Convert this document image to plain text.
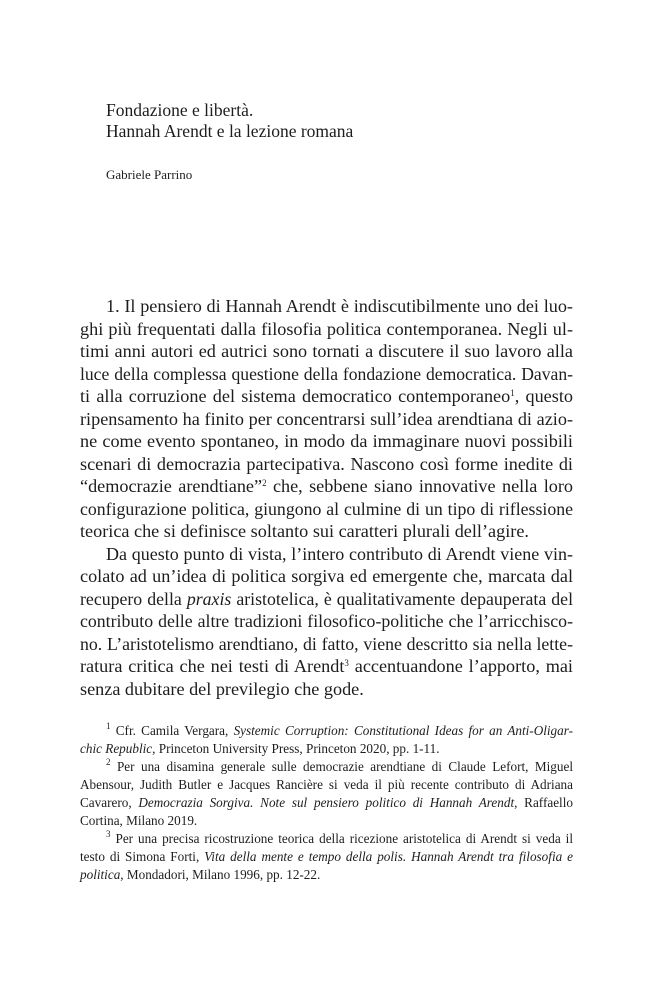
Fondazione e libertà.
Hannah Arendt e la lezione romana
Gabriele Parrino
1. Il pensiero di Hannah Arendt è indiscutibilmente uno dei luo-
ghi più frequentati dalla filosofia politica contemporanea. Negli ul-
timi anni autori ed autrici sono tornati a discutere il suo lavoro alla
luce della complessa questione della fondazione democratica. Davan-
ti alla corruzione del sistema democratico contemporaneo$^1$, questo
ripensamento ha finito per concentrarsi sull’idea arendtiana di azio-
ne come evento spontaneo, in modo da immaginare nuovi possibili
scenari di democrazia partecipativa. Nascono così forme inedite di
“democrazie arendtiane”$^2$ che, sebbene siano innovative nella loro
configurazione politica, giungono al culmine di un tipo di riflessione
teorica che si definisce soltanto sui caratteri plurali dell’agire.
Da questo punto di vista, l’intero contributo di Arendt viene vin-
colato ad un’idea di politica sorgiva ed emergente che, marcata dal
recupero della praxis aristotelica, è qualitativamente depauperata del
contributo delle altre tradizioni filosofico-politiche che l’arricchisco-
no. L’aristotelismo arendtiano, di fatto, viene descritto sia nella lette-
ratura critica che nei testi di Arendt$^3$ accentuandone l’apporto, mai
senza dubitare del previlegio che gode.
$^1$ Cfr. Camila Vergara, Systemic Corruption: Constitutional Ideas for an Anti-Oligar-
chic Republic, Princeton University Press, Princeton 2020, pp. 1-11.
$^2$ Per una disamina generale sulle democrazie arendtiane di Claude Lefort, Miguel
Abensour, Judith Butler e Jacques Rancière si veda il più recente contributo di Adriana
Cavarero, Democrazia Sorgiva. Note sul pensiero politico di Hannah Arendt, Raffaello
Cortina, Milano 2019.
$^3$ Per una precisa ricostruzione teorica della ricezione aristotelica di Arendt si veda il
testo di Simona Forti, Vita della mente e tempo della polis. Hannah Arendt tra filosofia e
politica, Mondadori, Milano 1996, pp. 12-22.
